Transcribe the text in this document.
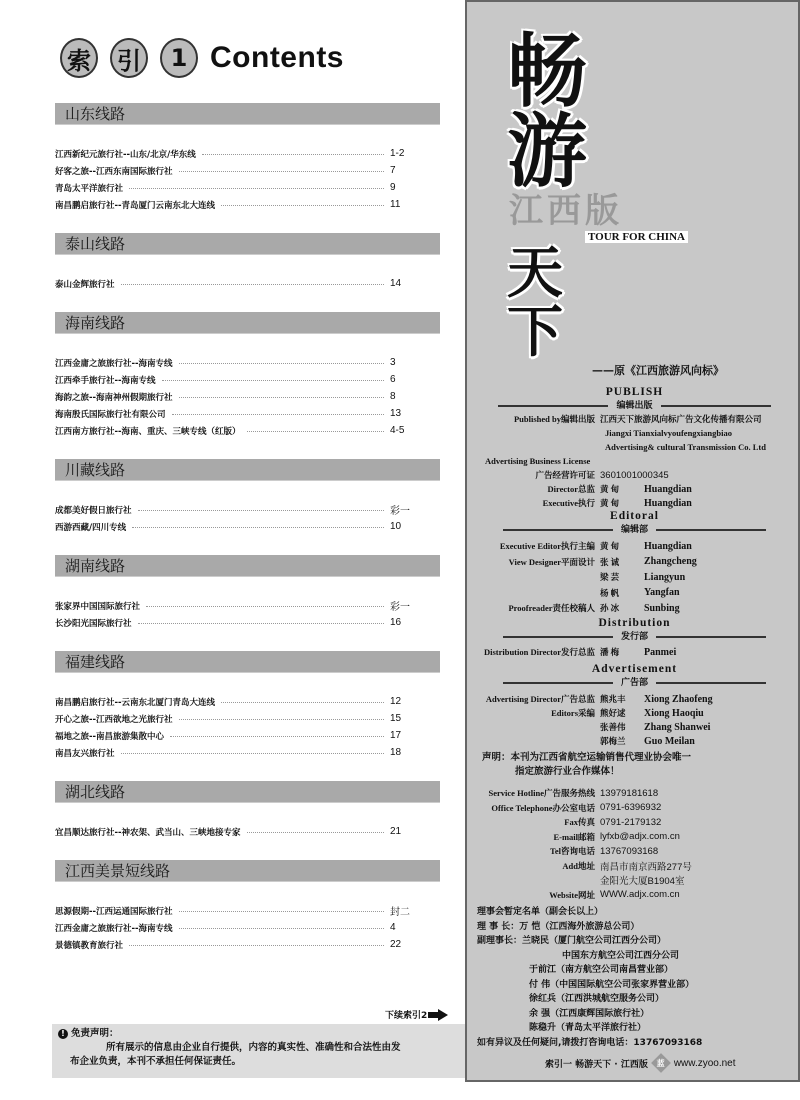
索 引	1 Contents
山东线路
江西新纪元旅行社--山东/北京/华东线	1-2
好客之旅--江西东南国际旅行社	7
青岛太平洋旅行社	9
南昌鹏启旅行社--青岛厦门云南东北大连线	11
泰山线路
泰山金辉旅行社	14
海南线路
江西金庸之旅旅行社--海南专线	3
江西牵手旅行社--海南专线	6
海韵之旅--海南神州假期旅行社	8
海南殷氏国际旅行社有限公司	13
江西南方旅行社--海南、重庆、三峡专线（红版）	4-5
川藏线路
成都美好假日旅行社	彩一
西游西藏/四川专线	10
湖南线路
张家界中国国际旅行社	彩一
长沙阳光国际旅行社	16
福建线路
南昌鹏启旅行社--云南东北厦门青岛大连线	12
开心之旅--江西欲地之光旅行社	15
福地之旅--南昌旅游集散中心	17
南昌友兴旅行社	18
湖北线路
宜昌顺达旅行社--神农架、武当山、三峡地接专家	21
江西美景短线路
思源假期--江西运通国际旅行社	封二
江西金庸之旅旅行社--海南专线	4
景德镇教育旅行社	22
下续索引2
! 免责声明：
所有展示的信息由企业自行提供，内容的真实性、准确性和合法性由发
布企业负责，本刊不承担任何保证责任。
畅
游
江西版
TOUR FOR CHINA
天
下
——原《江西旅游风向标》
PUBLISH
编辑出版
Published by编辑出版 江西天下旅游风向标广告文化传播有限公司
Jiangxi Tianxialvyoufengxiangbiao
Advertising& cultural Transmission Co. Ltd
Advertising Business License
广告经营许可证 3601001000345
Director总监 黄 甸	Huangdian
Executive执行 黄 甸	Huangdian
Editoral
编辑部
Executive Editor执行主编 黄 甸	Huangdian
View Designer平面设计 张 诚	Zhangcheng
梁 芸	Liangyun
杨 帆	Yangfan
Proofreader责任校稿人 孙 冰	Sunbing
Distribution
发行部
Distribution Director发行总监 潘 梅	Panmei
Advertisement
广告部
Advertising Director广告总监 熊兆丰	Xiong Zhaofeng
Editors采编 熊好逑	Xiong Haoqiu
张善伟	Zhang Shanwei
郭梅兰	Guo Meilan
声明：本刊为江西省航空运输销售代理业协会唯一
指定旅游行业合作媒体！
Service Hotline广告服务热线 13979181618
Office Telephone办公室电话 0791-6396932
Fax传真 0791-2179132
E-mail邮箱 lyfxb@adjx.com.cn
Tel咨询电话 13767093168
Add地址 南昌市南京西路277号
金阳光大厦B1904室
Website网址 WWW.adjx.com.cn
理事会暂定名单（副会长以上）
理 事 长：万 恺（江西海外旅游总公司）
副理事长：兰晓民（厦门航空公司江西分公司）
中国东方航空公司江西分公司
于前江（南方航空公司南昌营业部）
付 伟（中国国际航空公司张家界营业部）
徐红兵（江西洪城航空服务公司）
余 强（江西康辉国际旅行社）
陈稳升（青岛太平洋旅行社）
如有异议及任何疑问,请拨打咨询电话：13767093168
索引一 畅游天下 · 江西版 蓝 www.zyoo.net
